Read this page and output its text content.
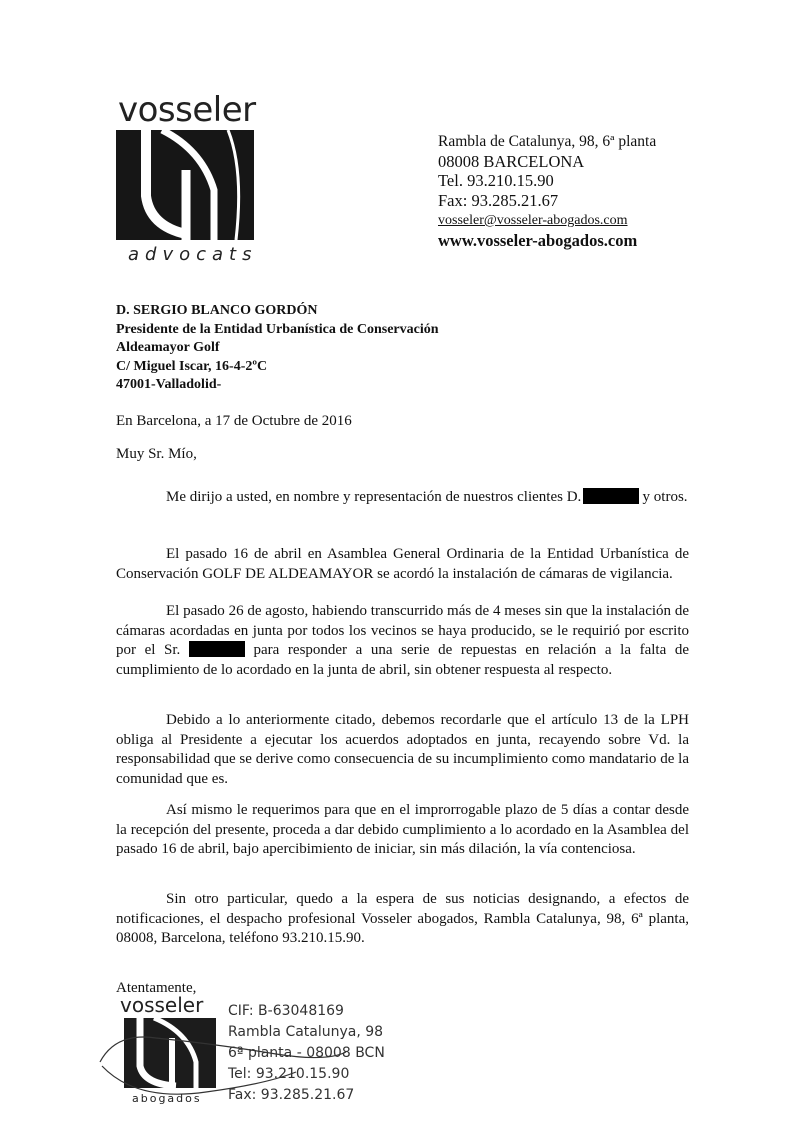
vosseler
advocats
Rambla de Catalunya, 98, 6ª planta
08008 BARCELONA
Tel. 93.210.15.90
Fax: 93.285.21.67
vosseler@vosseler-abogados.com
www.vosseler-abogados.com
D. SERGIO BLANCO GORDÓN
Presidente de la Entidad Urbanística de Conservación
Aldeamayor Golf
C/ Miguel Iscar, 16-4-2ºC
47001-Valladolid-
En Barcelona, a 17 de Octubre de 2016
Muy Sr. Mío,

Me dirijo a usted, en nombre y representación de nuestros clientes D.	y otros.

El pasado 16 de abril en Asamblea General Ordinaria de la Entidad Urbanística de Conservación GOLF DE ALDEAMAYOR se acordó la instalación de cámaras de vigilancia.

El pasado 26 de agosto, habiendo transcurrido más de 4 meses sin que la instalación de cámaras acordadas en junta por todos los vecinos se haya producido, se le requirió por escrito por el Sr.	para responder a una serie de repuestas en relación a la falta de cumplimiento de lo acordado en la junta de abril, sin obtener respuesta al respecto.

Debido a lo anteriormente citado, debemos recordarle que el artículo 13 de la LPH obliga al Presidente a ejecutar los acuerdos adoptados en junta, recayendo sobre Vd. la responsabilidad que se derive como consecuencia de su incumplimiento como mandatario de la comunidad que es.

Así mismo le requerimos para que en el improrrogable plazo de 5 días a contar desde la recepción del presente, proceda a dar debido cumplimiento a lo acordado en la Asamblea del pasado 16 de abril, bajo apercibimiento de iniciar, sin más dilación, la vía contenciosa.

Sin otro particular, quedo a la espera de sus noticias designando, a efectos de notificaciones, el despacho profesional Vosseler abogados, Rambla Catalunya, 98, 6ª planta, 08008, Barcelona, teléfono 93.210.15.90.

Atentamente,
vosseler
abogados
CIF: B-63048169
Rambla Catalunya, 98
6ª planta - 08008 BCN
Tel: 93.210.15.90
Fax: 93.285.21.67
